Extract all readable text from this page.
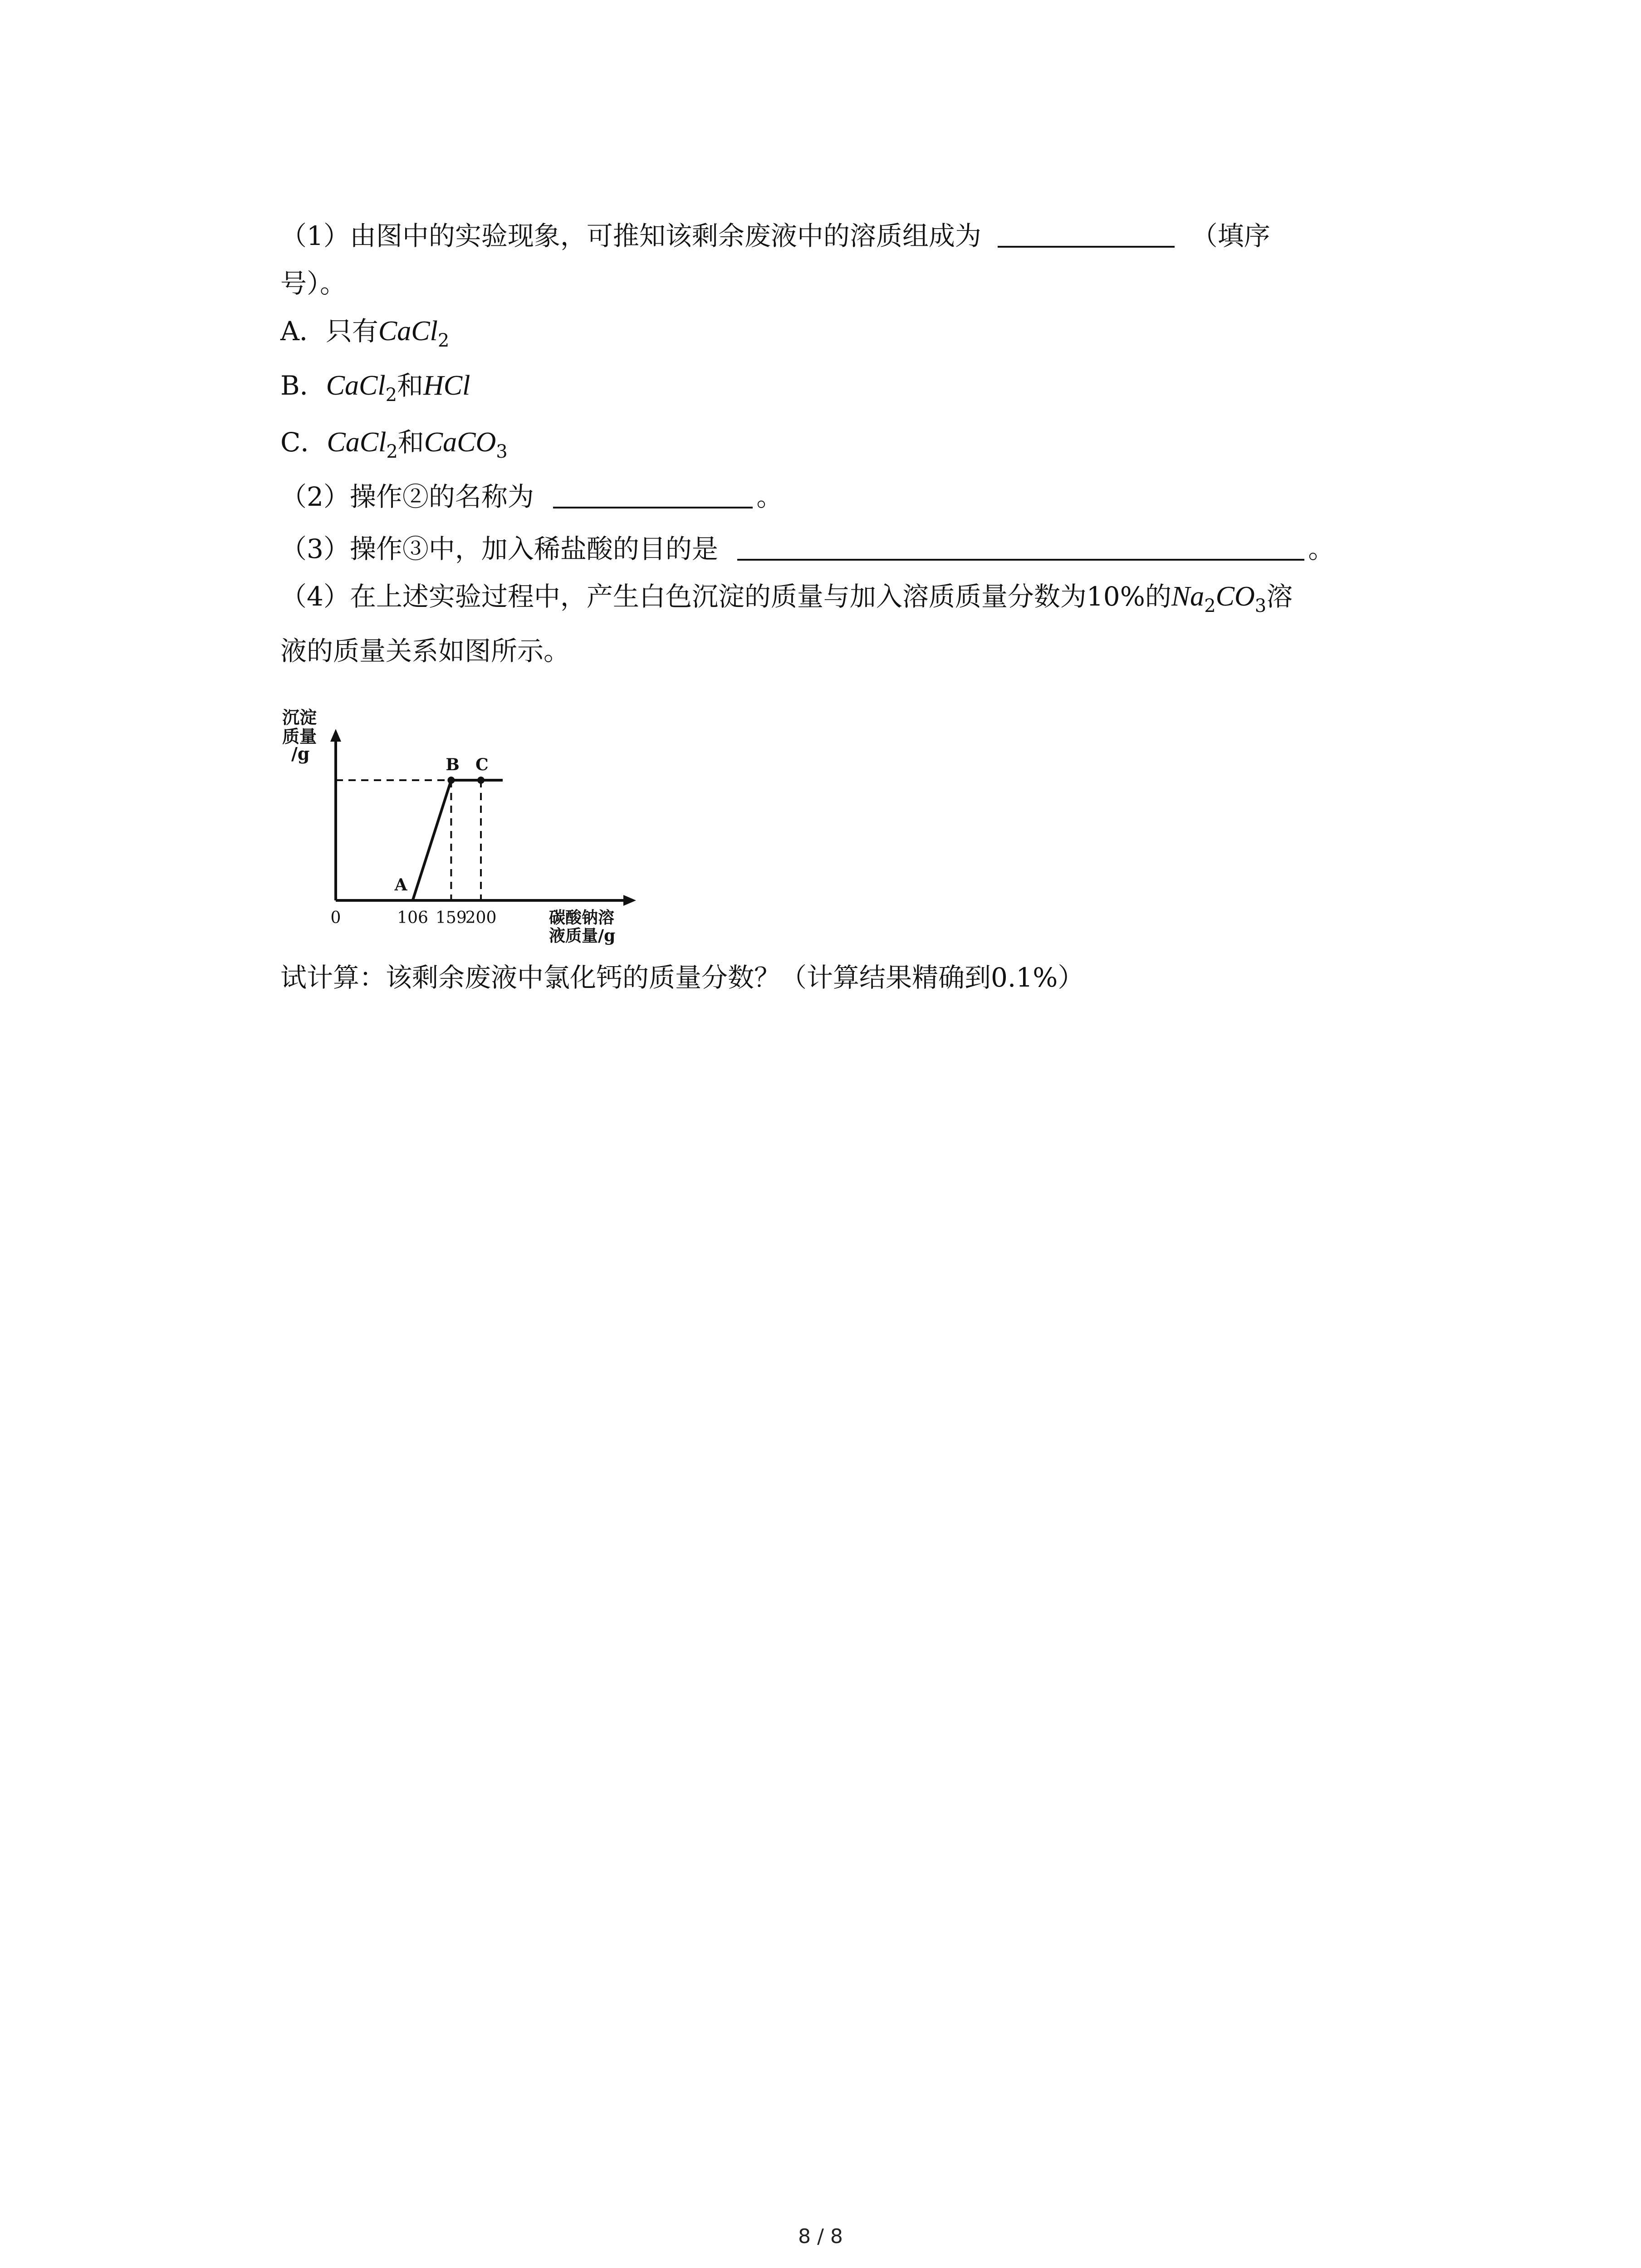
（1）由图中的实验现象，可推知该剩余废液中的溶质组成为	（填序
号）。
A．只有CaCl$_2$
B．CaCl$_2$和HCl
C．CaCl$_2$和CaCO$_3$
（2）操作②的名称为	。
（3）操作③中，加入稀盐酸的目的是	。
（4）在上述实验过程中，产生白色沉淀的质量与加入溶质质量分数为10%的$Na_2CO_3$溶
液的质量关系如图所示。
沉淀
质量
/g
A
B C
0	106 159
200	碳酸钠溶
液质量/g
试计算：该剩余废液中氯化钙的质量分数？（计算结果精确到0.1%）
8 / 8
